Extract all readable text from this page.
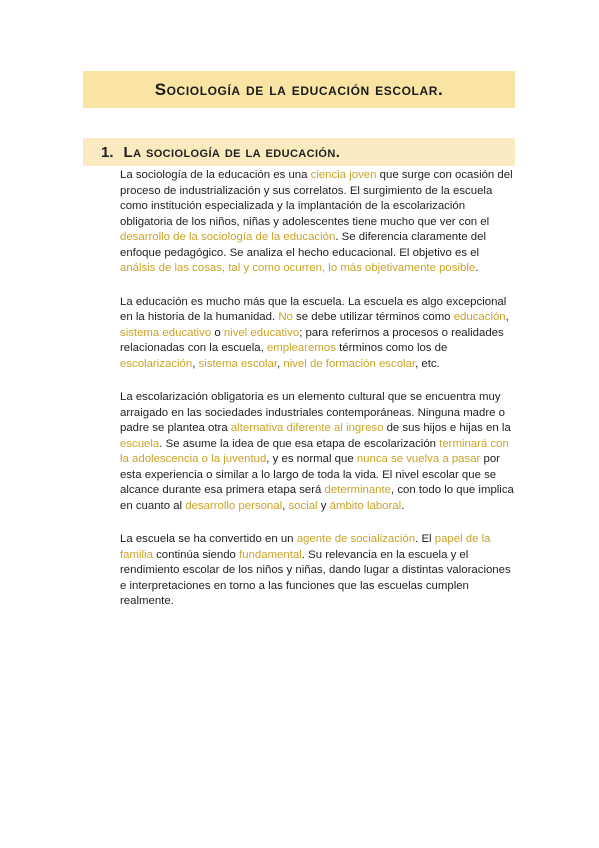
Sociología de la educación escolar.
1. La sociología de la educación.

La sociología de la educación es una ciencia joven que surge con ocasión del proceso de industrialización y sus correlatos. El surgimiento de la escuela como institución especializada y la implantación de la escolarización obligatoria de los niños, niñas y adolescentes tiene mucho que ver con el desarrollo de la sociología de la educación. Se diferencia claramente del enfoque pedagógico. Se analiza el hecho educacional. El objetivo es el análsis de las cosas, tal y como ocurren, lo más objetivamente posible.

La educación es mucho más que la escuela. La escuela es algo excepcional en la historia de la humanidad. No se debe utilizar términos como educación, sistema educativo o nivel educativo; para referirnos a procesos o realidades relacionadas con la escuela, emplearemos términos como los de escolarización, sistema escolar, nivel de formación escolar, etc.

La escolarización obligatoria es un elemento cultural que se encuentra muy arraigado en las sociedades industriales contemporáneas. Ninguna madre o padre se plantea otra alternativa diferente al ingreso de sus hijos e hijas en la escuela. Se asume la idea de que esa etapa de escolarización terminará con la adolescencia o la juventud, y es normal que nunca se vuelva a pasar por esta experiencia o similar a lo largo de toda la vida. El nivel escolar que se alcance durante esa primera etapa será determinante, con todo lo que implica en cuanto al desarrollo personal, social y ámbito laboral.

La escuela se ha convertido en un agente de socialización. El papel de la familia continúa siendo fundamental. Su relevancia en la escuela y el rendimiento escolar de los niños y niñas, dando lugar a distintas valoraciones e interpretaciones en torno a las funciones que las escuelas cumplen realmente.
